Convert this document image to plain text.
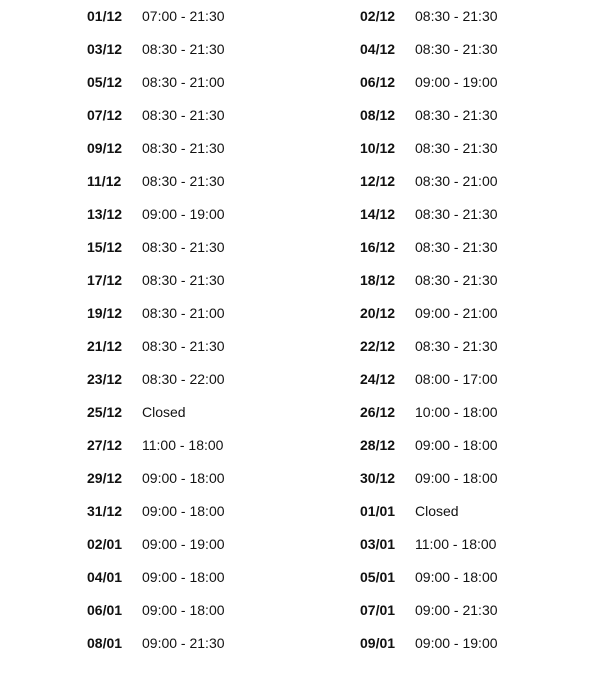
01/12 07:00 - 21:30	02/12 08:30 - 21:30
03/12 08:30 - 21:30	04/12 08:30 - 21:30
05/12 08:30 - 21:00	06/12 09:00 - 19:00
07/12 08:30 - 21:30	08/12 08:30 - 21:30
09/12 08:30 - 21:30	10/12 08:30 - 21:30
11/12 08:30 - 21:30	12/12 08:30 - 21:00
13/12 09:00 - 19:00	14/12 08:30 - 21:30
15/12 08:30 - 21:30	16/12 08:30 - 21:30
17/12 08:30 - 21:30	18/12 08:30 - 21:30
19/12 08:30 - 21:00	20/12 09:00 - 21:00
21/12 08:30 - 21:30	22/12 08:30 - 21:30
23/12 08:30 - 22:00	24/12 08:00 - 17:00
25/12 Closed	26/12 10:00 - 18:00
27/12 11:00 - 18:00	28/12 09:00 - 18:00
29/12 09:00 - 18:00	30/12 09:00 - 18:00
31/12 09:00 - 18:00	01/01 Closed
02/01 09:00 - 19:00	03/01 11:00 - 18:00
04/01 09:00 - 18:00	05/01 09:00 - 18:00
06/01 09:00 - 18:00	07/01 09:00 - 21:30
08/01 09:00 - 21:30	09/01 09:00 - 19:00
